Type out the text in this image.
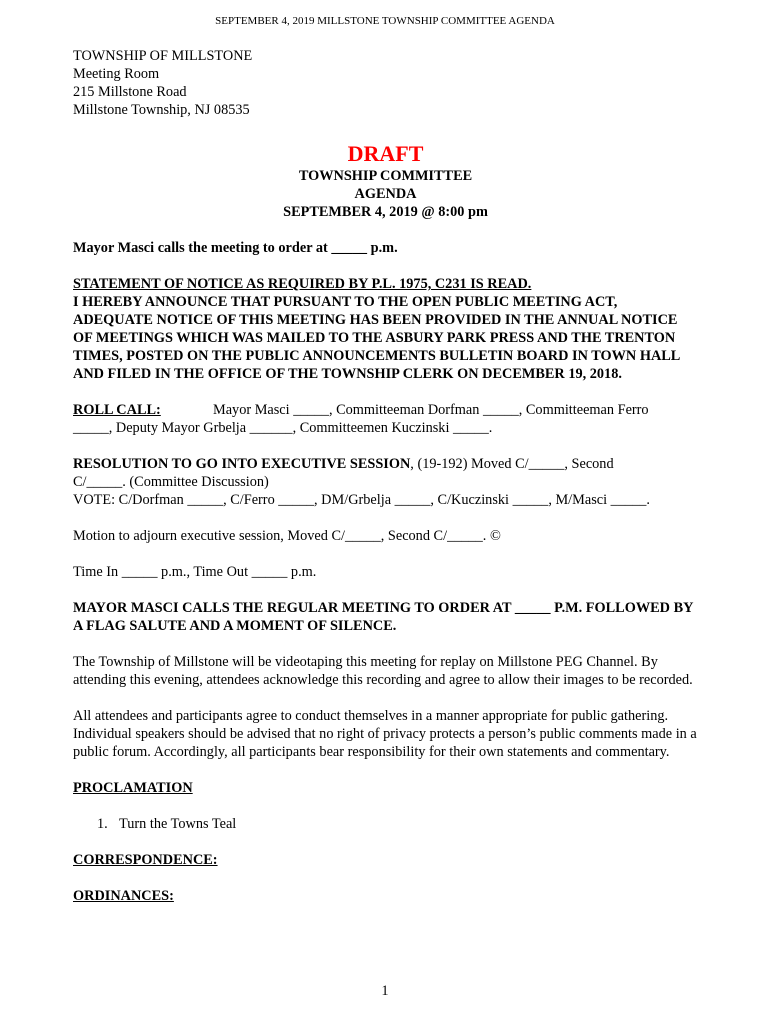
SEPTEMBER 4, 2019 MILLSTONE TOWNSHIP COMMITTEE AGENDA
TOWNSHIP OF MILLSTONE
Meeting Room
215 Millstone Road
Millstone Township, NJ 08535
DRAFT
TOWNSHIP COMMITTEE
AGENDA
SEPTEMBER 4, 2019 @ 8:00 pm
Mayor Masci calls the meeting to order at _____ p.m.
STATEMENT OF NOTICE AS REQUIRED BY P.L. 1975, C231 IS READ.
I HEREBY ANNOUNCE THAT PURSUANT TO THE OPEN PUBLIC MEETING ACT, ADEQUATE NOTICE OF THIS MEETING HAS BEEN PROVIDED IN THE ANNUAL NOTICE OF MEETINGS WHICH WAS MAILED TO THE ASBURY PARK PRESS AND THE TRENTON TIMES, POSTED ON THE PUBLIC ANNOUNCEMENTS BULLETIN BOARD IN TOWN HALL AND FILED IN THE OFFICE OF THE TOWNSHIP CLERK ON DECEMBER 19, 2018.
ROLL CALL:	Mayor Masci _____, Committeeman Dorfman _____, Committeeman Ferro
_____, Deputy Mayor Grbelja ______, Committeemen Kuczinski _____.
RESOLUTION TO GO INTO EXECUTIVE SESSION, (19-192) Moved C/_____, Second
C/_____. (Committee Discussion)
VOTE: C/Dorfman _____, C/Ferro _____, DM/Grbelja _____, C/Kuczinski _____, M/Masci _____.
Motion to adjourn executive session, Moved C/_____, Second C/_____. ©
Time In _____ p.m., Time Out _____ p.m.
MAYOR MASCI CALLS THE REGULAR MEETING TO ORDER AT _____ P.M. FOLLOWED BY A FLAG SALUTE AND A MOMENT OF SILENCE.
The Township of Millstone will be videotaping this meeting for replay on Millstone PEG Channel. By attending this evening, attendees acknowledge this recording and agree to allow their images to be recorded.
All attendees and participants agree to conduct themselves in a manner appropriate for public gathering. Individual speakers should be advised that no right of privacy protects a person’s public comments made in a public forum. Accordingly, all participants bear responsibility for their own statements and commentary.
PROCLAMATION
1. Turn the Towns Teal
CORRESPONDENCE:
ORDINANCES:
1
